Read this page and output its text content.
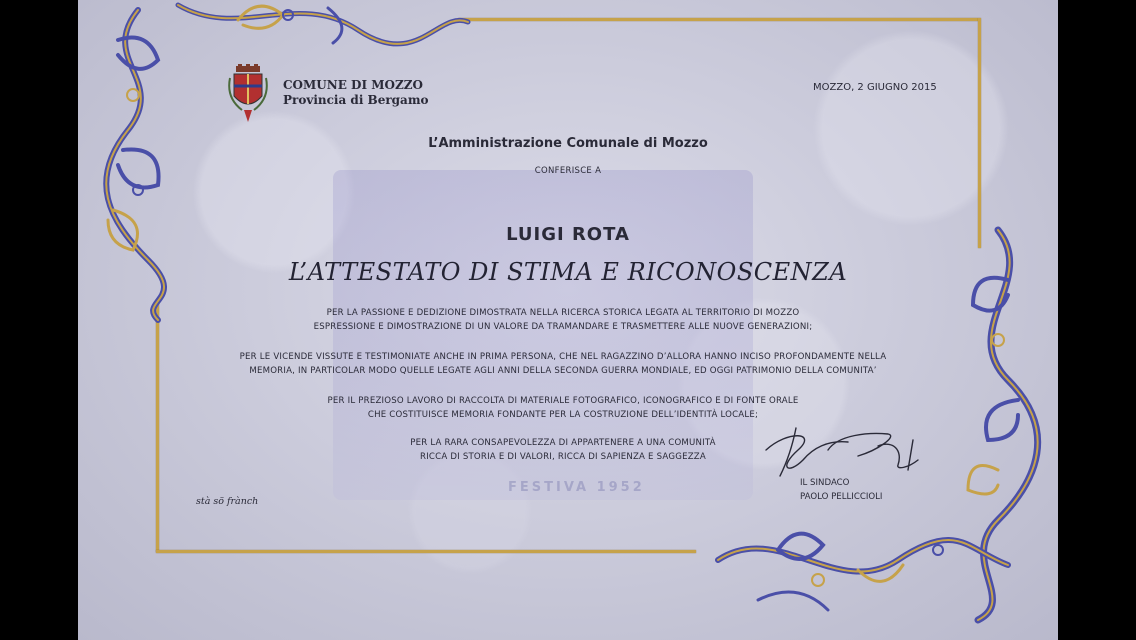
FESTIVA 1952
COMUNE DI MOZZO
Provincia di Bergamo
MOZZO, 2 GIUGNO 2015
L’Amministrazione Comunale di Mozzo
CONFERISCE A
LUIGI ROTA
L’ATTESTATO DI STIMA E RICONOSCENZA
PER LA PASSIONE E DEDIZIONE DIMOSTRATA NELLA RICERCA STORICA LEGATA AL TERRITORIO DI MOZZO
ESPRESSIONE E DIMOSTRAZIONE DI UN VALORE DA TRAMANDARE E TRASMETTERE ALLE NUOVE GENERAZIONI;
PER LE VICENDE VISSUTE E TESTIMONIATE ANCHE IN PRIMA PERSONA, CHE NEL RAGAZZINO D’ALLORA HANNO INCISO PROFONDAMENTE NELLA
MEMORIA, IN PARTICOLAR MODO QUELLE LEGATE AGLI ANNI DELLA SECONDA GUERRA MONDIALE, ED OGGI PATRIMONIO DELLA COMUNITA’
PER IL PREZIOSO LAVORO DI RACCOLTA DI MATERIALE FOTOGRAFICO, ICONOGRAFICO E DI FONTE ORALE
CHE COSTITUISCE MEMORIA FONDANTE PER LA COSTRUZIONE DELL’IDENTITÀ LOCALE;
PER LA RARA CONSAPEVOLEZZA DI APPARTENERE A UNA COMUNITÀ
RICCA DI STORIA E DI VALORI, RICCA DI SAPIENZA E SAGGEZZA
stà sö frànch
IL SINDACO
PAOLO PELLICCIOLI
